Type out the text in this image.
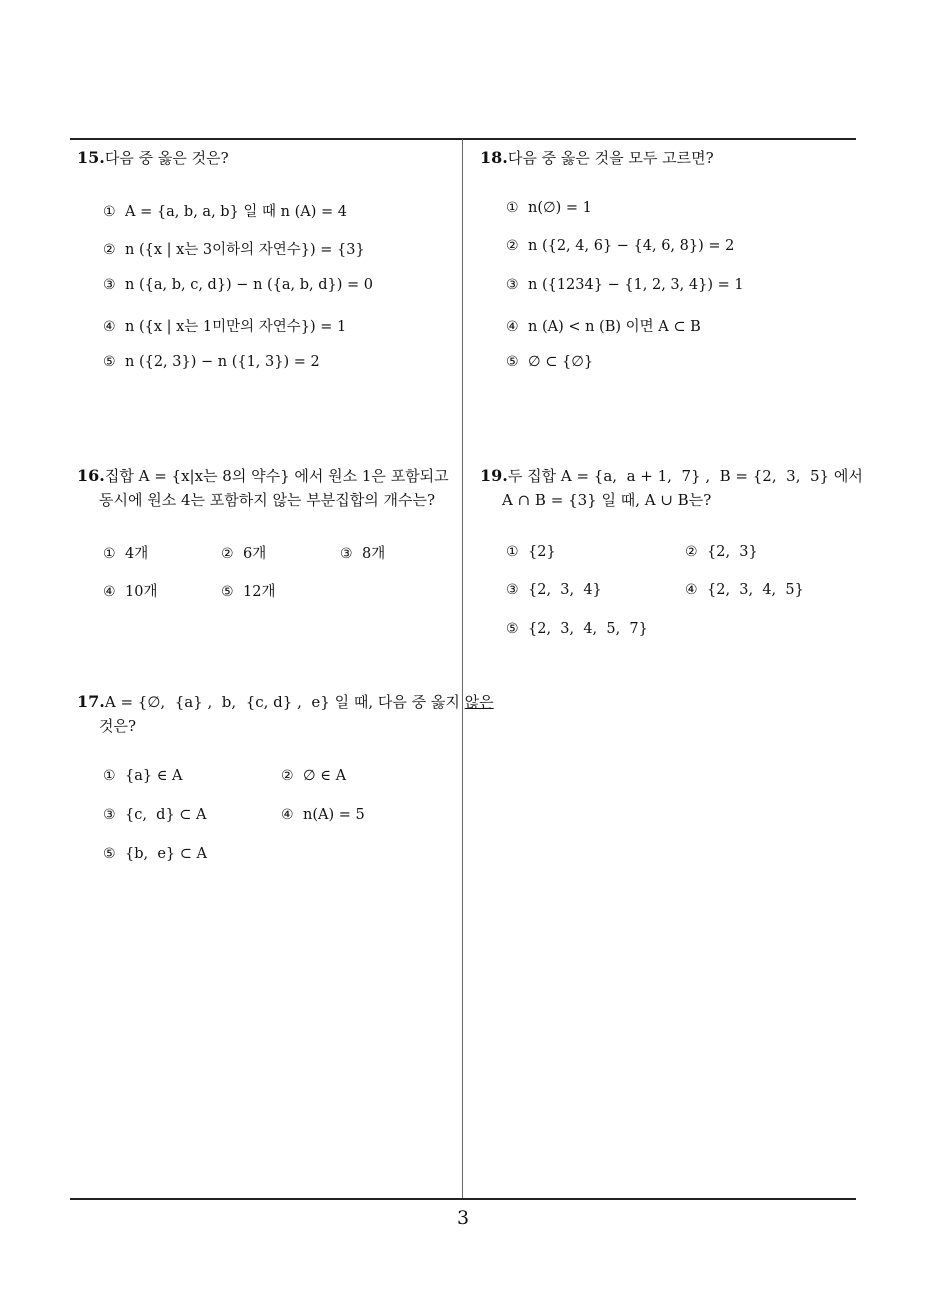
15. 다음 중 옳은 것은?
① A = {a, b, a, b} 일 때 n (A) = 4
② n ({x | x는 3이하의 자연수}) = {3}
③ n ({a, b, c, d}) − n ({a, b, d}) = 0
④ n ({x | x는 1미만의 자연수}) = 1
⑤ n ({2, 3}) − n ({1, 3}) = 2
16. 집합 A = {x|x는 8의 약수} 에서 원소 1은 포함되고
동시에 원소 4는 포함하지 않는 부분집합의 개수는?
① 4개	② 6개	③ 8개
④ 10개	⑤ 12개
17. A = {∅,  {a} ,  b,  {c, d} ,  e} 일 때, 다음 중 옳지 않은
것은?
① {a} ∈ A	② ∅ ∈ A
③ {c,  d} ⊂ A	④ n(A) = 5
⑤ {b,  e} ⊂ A
18. 다음 중 옳은 것을 모두 고르면?
① n(∅) = 1
② n ({2, 4, 6} − {4, 6, 8}) = 2
③ n ({1234} − {1, 2, 3, 4}) = 1
④ n (A) < n (B) 이면 A ⊂ B
⑤ ∅ ⊂ {∅}
19. 두 집합 A = {a,  a + 1,  7} ,  B = {2,  3,  5} 에서
A ∩ B = {3} 일 때, A ∪ B는?
① {2}	② {2,  3}
③ {2,  3,  4}	④ {2,  3,  4,  5}
⑤ {2,  3,  4,  5,  7}
3
